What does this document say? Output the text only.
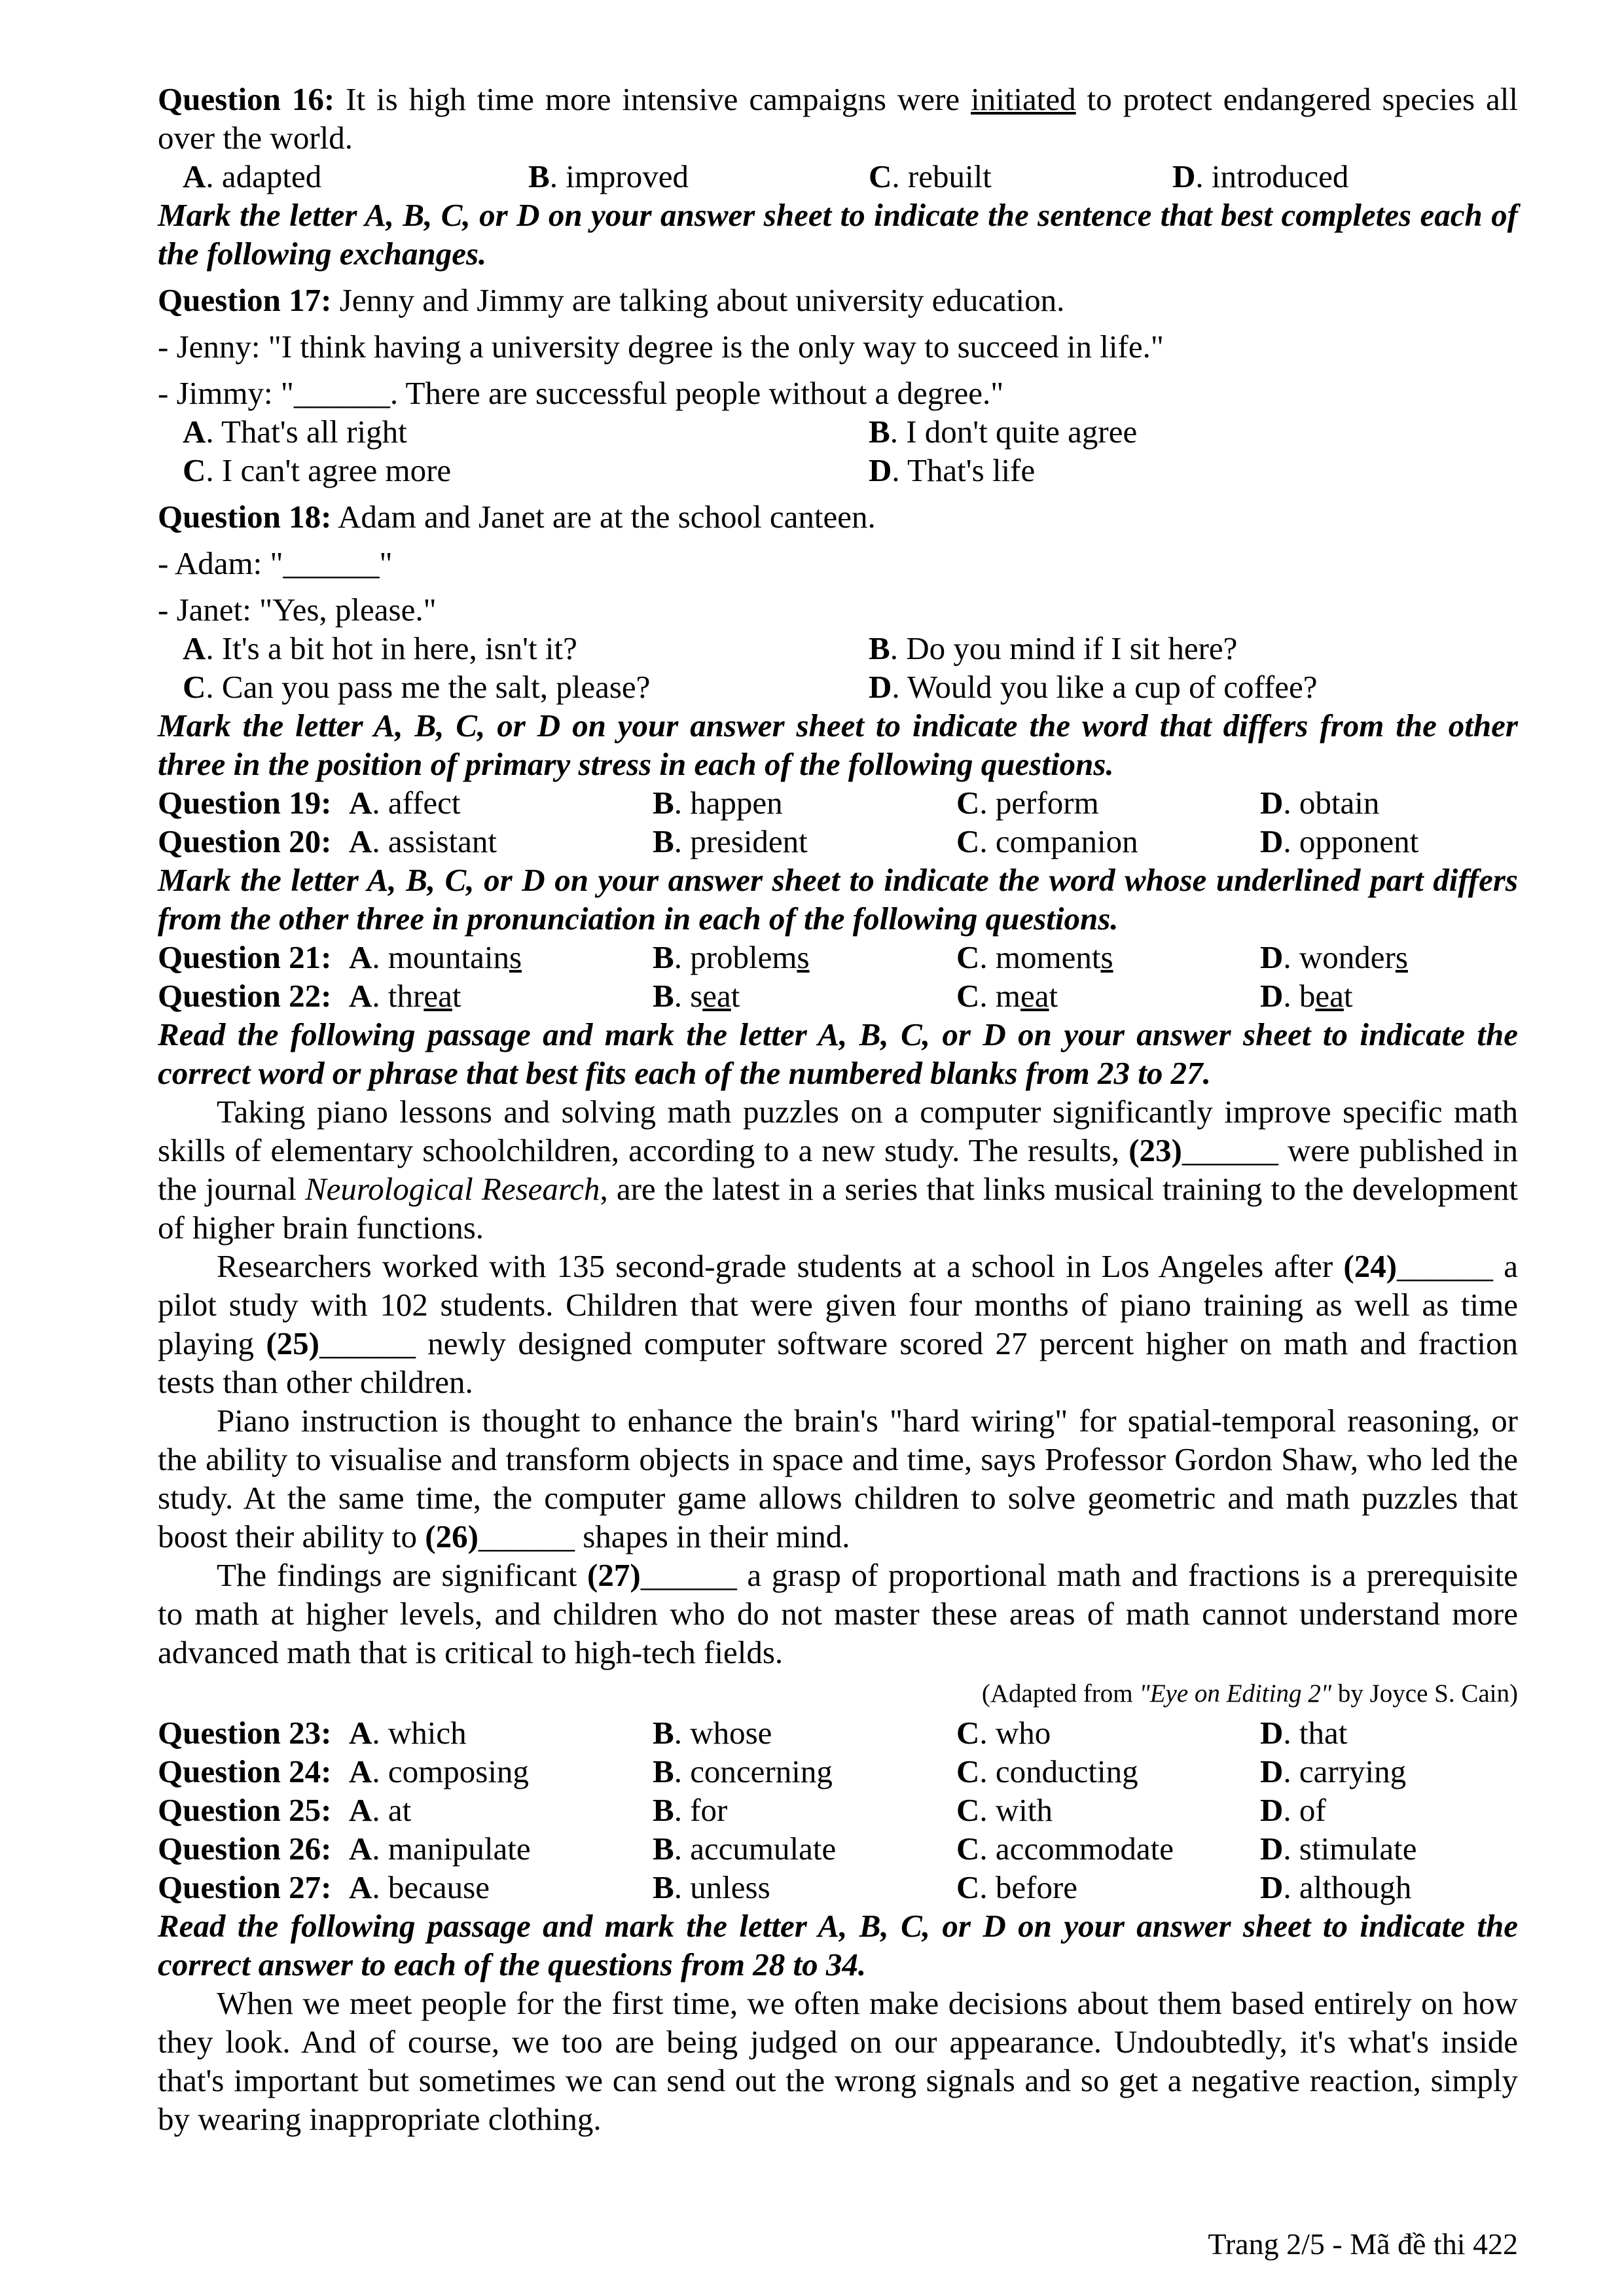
Question 16: It is high time more intensive campaigns were initiated to protect endangered species all over the world.

A. adapted	B. improved	C. rebuilt	D. introduced

Mark the letter A, B, C, or D on your answer sheet to indicate the sentence that best completes each of the following exchanges.

Question 17: Jenny and Jimmy are talking about university education.

- Jenny: "I think having a university degree is the only way to succeed in life."

- Jimmy: "______. There are successful people without a degree."

A. That's all right	B. I don't quite agree
C. I can't agree more	D. That's life

Question 18: Adam and Janet are at the school canteen.

- Adam: "______"

- Janet: "Yes, please."

A. It's a bit hot in here, isn't it?	B. Do you mind if I sit here?
C. Can you pass me the salt, please?	D. Would you like a cup of coffee?

Mark the letter A, B, C, or D on your answer sheet to indicate the word that differs from the other three in the position of primary stress in each of the following questions.

Question 19: A. affect	B. happen	C. perform	D. obtain
Question 20: A. assistant	B. president	C. companion	D. opponent

Mark the letter A, B, C, or D on your answer sheet to indicate the word whose underlined part differs from the other three in pronunciation in each of the following questions.

Question 21: A. mountains	B. problems	C. moments	D. wonders
Question 22: A. threat	B. seat	C. meat	D. beat

Read the following passage and mark the letter A, B, C, or D on your answer sheet to indicate the correct word or phrase that best fits each of the numbered blanks from 23 to 27.

Taking piano lessons and solving math puzzles on a computer significantly improve specific math skills of elementary schoolchildren, according to a new study. The results, (23)______ were published in the journal Neurological Research, are the latest in a series that links musical training to the development of higher brain functions.

Researchers worked with 135 second-grade students at a school in Los Angeles after (24)______ a pilot study with 102 students. Children that were given four months of piano training as well as time playing (25)______ newly designed computer software scored 27 percent higher on math and fraction tests than other children.

Piano instruction is thought to enhance the brain's "hard wiring" for spatial-temporal reasoning, or the ability to visualise and transform objects in space and time, says Professor Gordon Shaw, who led the study. At the same time, the computer game allows children to solve geometric and math puzzles that boost their ability to (26)______ shapes in their mind.

The findings are significant (27)______ a grasp of proportional math and fractions is a prerequisite to math at higher levels, and children who do not master these areas of math cannot understand more advanced math that is critical to high-tech fields.

(Adapted from "Eye on Editing 2" by Joyce S. Cain)

Question 23: A. which	B. whose	C. who	D. that
Question 24: A. composing	B. concerning	C. conducting	D. carrying
Question 25: A. at	B. for	C. with	D. of
Question 26: A. manipulate	B. accumulate	C. accommodate	D. stimulate
Question 27: A. because	B. unless	C. before	D. although

Read the following passage and mark the letter A, B, C, or D on your answer sheet to indicate the correct answer to each of the questions from 28 to 34.

When we meet people for the first time, we often make decisions about them based entirely on how they look. And of course, we too are being judged on our appearance. Undoubtedly, it's what's inside that's important but sometimes we can send out the wrong signals and so get a negative reaction, simply by wearing inappropriate clothing.

Trang 2/5 - Mã đề thi 422
